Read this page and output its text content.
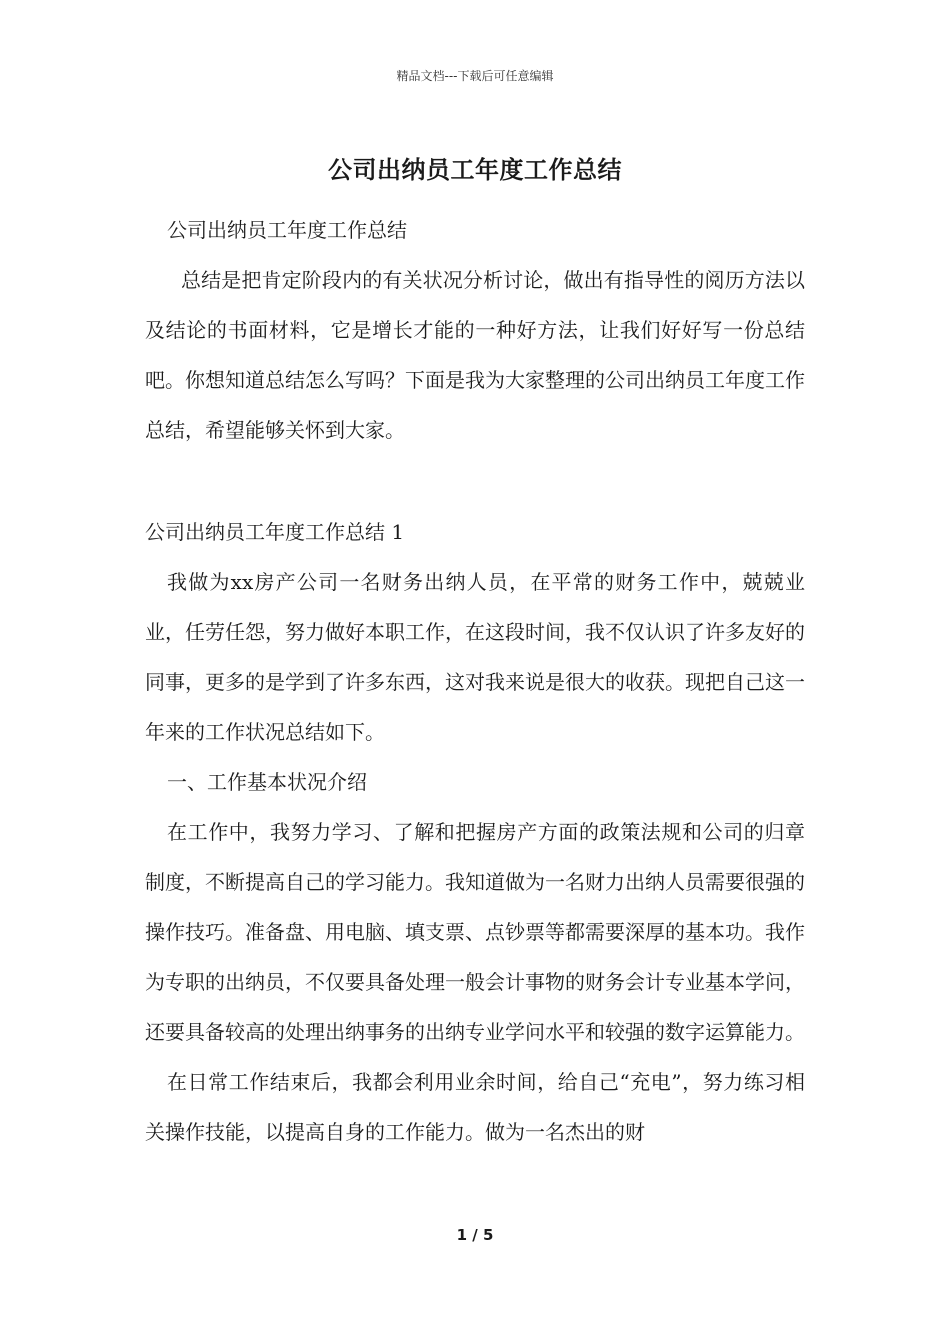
精品文档---下载后可任意编辑
公司出纳员工年度工作总结

公司出纳员工年度工作总结

总结是把肯定阶段内的有关状况分析讨论，做出有指导性的阅历方法以及结论的书面材料，它是增长才能的一种好方法，让我们好好写一份总结吧。你想知道总结怎么写吗？下面是我为大家整理的公司出纳员工年度工作总结，希望能够关怀到大家。

公司出纳员工年度工作总结 1

我做为xx房产公司一名财务出纳人员，在平常的财务工作中，兢兢业业，任劳任怨，努力做好本职工作，在这段时间，我不仅认识了许多友好的同事，更多的是学到了许多东西，这对我来说是很大的收获。现把自己这一年来的工作状况总结如下。

一、工作基本状况介绍

在工作中，我努力学习、了解和把握房产方面的政策法规和公司的归章制度，不断提高自己的学习能力。我知道做为一名财力出纳人员需要很强的操作技巧。准备盘、用电脑、填支票、点钞票等都需要深厚的基本功。我作为专职的出纳员，不仅要具备处理一般会计事物的财务会计专业基本学问，还要具备较高的处理出纳事务的出纳专业学问水平和较强的数字运算能力。

在日常工作结束后，我都会利用业余时间，给自己“充电”，努力练习相关操作技能，以提高自身的工作能力。做为一名杰出的财

1 / 5
